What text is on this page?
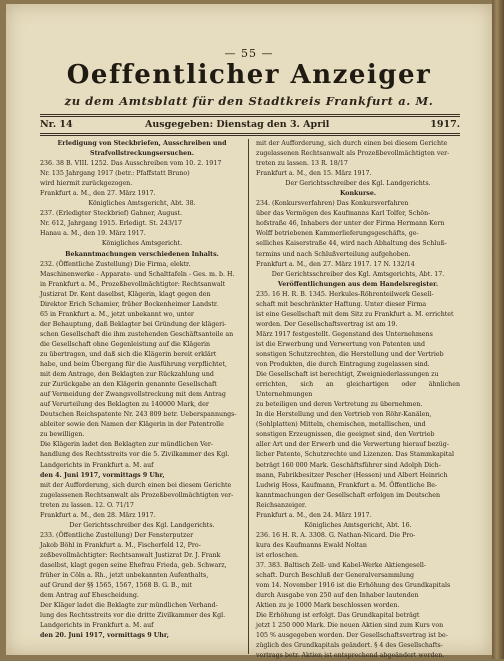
— 55 —
Oeffentlicher Anzeiger
zu dem Amtsblatt für den Stadtkreis Frankfurt a. M.
Nr. 14	Ausgegeben: Dienstag den 3. April	1917.

Erledigung von Steckbriefen, Ausschreiben und

Strafvollstreckungsersuchen.

236. 38 B. VIII. 1252. Das Ausschreiben vom 10. 2. 1917

Nr. 135 Jahrgang 1917 (betr.: Pfaffstatt Bruno)

wird hiermit zurückgezogen.

Frankfurt a. M., den 27. März 1917.

Königliches Amtsgericht, Abt. 38.

237. (Erledigter Steckbrief) Gahner, August.

Nr. 612, Jahrgang 1915. Erledigt. St. 243/17

Hanau a. M., den 19. März 1917.

Königliches Amtsgericht.

Bekanntmachungen verschiedenen Inhalts.

232. (Öffentliche Zustellung) Die Firma, elektr.

Maschinenwerke - Apparate- und Schalttafeln - Ges. m. b. H.

in Frankfurt a. M., Prozeßbevollmächtigter: Rechtsanwalt

Justizrat Dr. Kent daselbst, Klägerin, klagt gegen den

Direktor Erich Schamier, früher Bockenheimer Landstr.

65 in Frankfurt a. M., jetzt unbekannt wo, unter

der Behauptung, daß Beklagter bei Gründung der klägeri-

schen Gesellschaft die ihm zustehenden Geschäftsanteile an

die Gesellschaft ohne Gegenleistung auf die Klägerin

zu übertragen, und daß sich die Klägerin bereit erklärt

habe, und beim Übergang für die Ausführung verpflichtet,

mit dem Antrage, den Beklagten zur Rückzahlung und

zur Zurückgabe an den Klägerin genannte Gesellschaft

auf Vermeidung der Zwangsvollstreckung mit dem Antrag

auf Verurteilung des Beklagten zu 140000 Mark, der

Deutschen Reichspatente Nr. 243 809 betr. Ueberspannungs-

ableiter sowie den Namen der Klägerin in der Patentrolle

zu bewilligen.

Die Klägerin ladet den Beklagten zur mündlichen Ver-

handlung des Rechtsstreits vor die 5. Zivilkammer des Kgl.

Landgerichts in Frankfurt a. M. auf

den 4. Juni 1917, vormittags 9 Uhr,

mit der Aufforderung, sich durch einen bei diesem Gerichte

zugelassenen Rechtsanwalt als Prozeßbevollmächtigten ver-

treten zu lassen. 12. O. 71/17

Frankfurt a. M., den 28. März 1917.

Der Gerichtsschreiber des Kgl. Landgerichts.

233. (Öffentliche Zustellung) Der Fensterputzer

Jakob Böhl in Frankfurt a. M., Fischerfeld 12, Pro-

zeßbevollmächtigter: Rechtsanwalt Justizrat Dr. J. Frank

daselbst, klagt gegen seine Ehefrau Frieda, geb. Schwarz,

früher in Cöln a. Rh., jetzt unbekannten Aufenthalts,

auf Grund der §§ 1565, 1567, 1568 B. G. B., mit

dem Antrag auf Ehescheidung.

Der Kläger ladet die Beklagte zur mündlichen Verhand-

lung des Rechtsstreits vor die dritte Zivilkammer des Kgl.

Landgerichts in Frankfurt a. M. auf

den 20. Juni 1917, vormittags 9 Uhr,

mit der Aufforderung, sich durch einen bei diesem Gerichte

zugelassenen Rechtsanwalt als Prozeßbevollmächtigten ver-

treten zu lassen. 13 R. 18/17

Frankfurt a. M., den 15. März 1917.

Der Gerichtsschreiber des Kgl. Landgerichts.

Konkurse.

234. (Konkursverfahren) Das Konkursverfahren

über das Vermögen des Kaufmanns Karl Tolfer, Schön-

hofstraße 46, Inhabers der unter der Firma Hermann Kern

Wolff betriebenen Kammerlieferungsgeschäfts, ge-

selliches Kaiserstraße 44, wird nach Abhaltung des Schluß-

termins und nach Schlußverteilung aufgehoben.

Frankfurt a. M., den 27. März 1917. 17 N. 132/14

Der Gerichtsschreiber des Kgl. Amtsgerichts, Abt. 17.

Veröffentlichungen aus dem Handelsregister.

235. 16 H. R. B. 1345. Herkules-Röhrenteilwerk Gesell-

schaft mit beschränkter Haftung. Unter dieser Firma

ist eine Gesellschaft mit dem Sitz zu Frankfurt a. M. errichtet

worden. Der Gesellschaftsvertrag ist am 19.

März 1917 festgestellt. Gegenstand des Unternehmens

ist die Erwerbung und Verwertung von Patenten und

sonstigen Schutzrechten, die Herstellung und der Vertrieb

von Produkten, die durch Eintragung zugelassen sind.

Die Gesellschaft ist berechtigt, Zweigniederlassungen zu

errichten, sich an gleichartigen oder ähnlichen Unternehmungen

zu beteiligen und deren Vertretung zu übernehmen.

In die Herstellung und den Vertrieb von Röhr-Kanälen,

(Sohlplatten) Mitteln, chemischen, metallischen, und

sonstigen Erzeugnissen, die geeignet sind, den Vertrieb

aller Art und der Erwerb und die Verwertung hierauf bezüg-

licher Patente, Schutzrechte und Lizenzen. Das Stammkapital

beträgt 160 000 Mark. Geschäftsführer sind Adolph Dich-

mann, Fabrikbesitzer Pescher (Hessen) und Albert Heinrich

Ludwig Hoss, Kaufmann, Frankfurt a. M. Öffentliche Be-

kanntmachungen der Gesellschaft erfolgen im Deutschen

Reichsanzeiger.

Frankfurt a. M., den 24. März 1917.

Königliches Amtsgericht, Abt. 16.

236. 16 H. R. A. 3308. G. Nathan-Nicard. Die Pro-

kura des Kaufmanns Ewald Noltan

ist erloschen.

37. 383. Baltisch Zell- und Kabel-Werke Aktiengesell-

schaft. Durch Beschluß der Generalversammlung

vom 14. November 1916 ist die Erhöhung des Grundkapitals

durch Ausgabe von 250 auf den Inhaber lautenden

Aktien zu je 1000 Mark beschlossen worden.

Die Erhöhung ist erfolgt. Das Grundkapital beträgt

jetzt 1 250 000 Mark. Die neuen Aktien sind zum Kurs von

105 % ausgegeben worden. Der Gesellschaftsvertrag ist be-

züglich des Grundkapitals geändert. § 4 des Gesellschafts-

vertrags betr. Aktien ist entsprechend abgeändert worden.
